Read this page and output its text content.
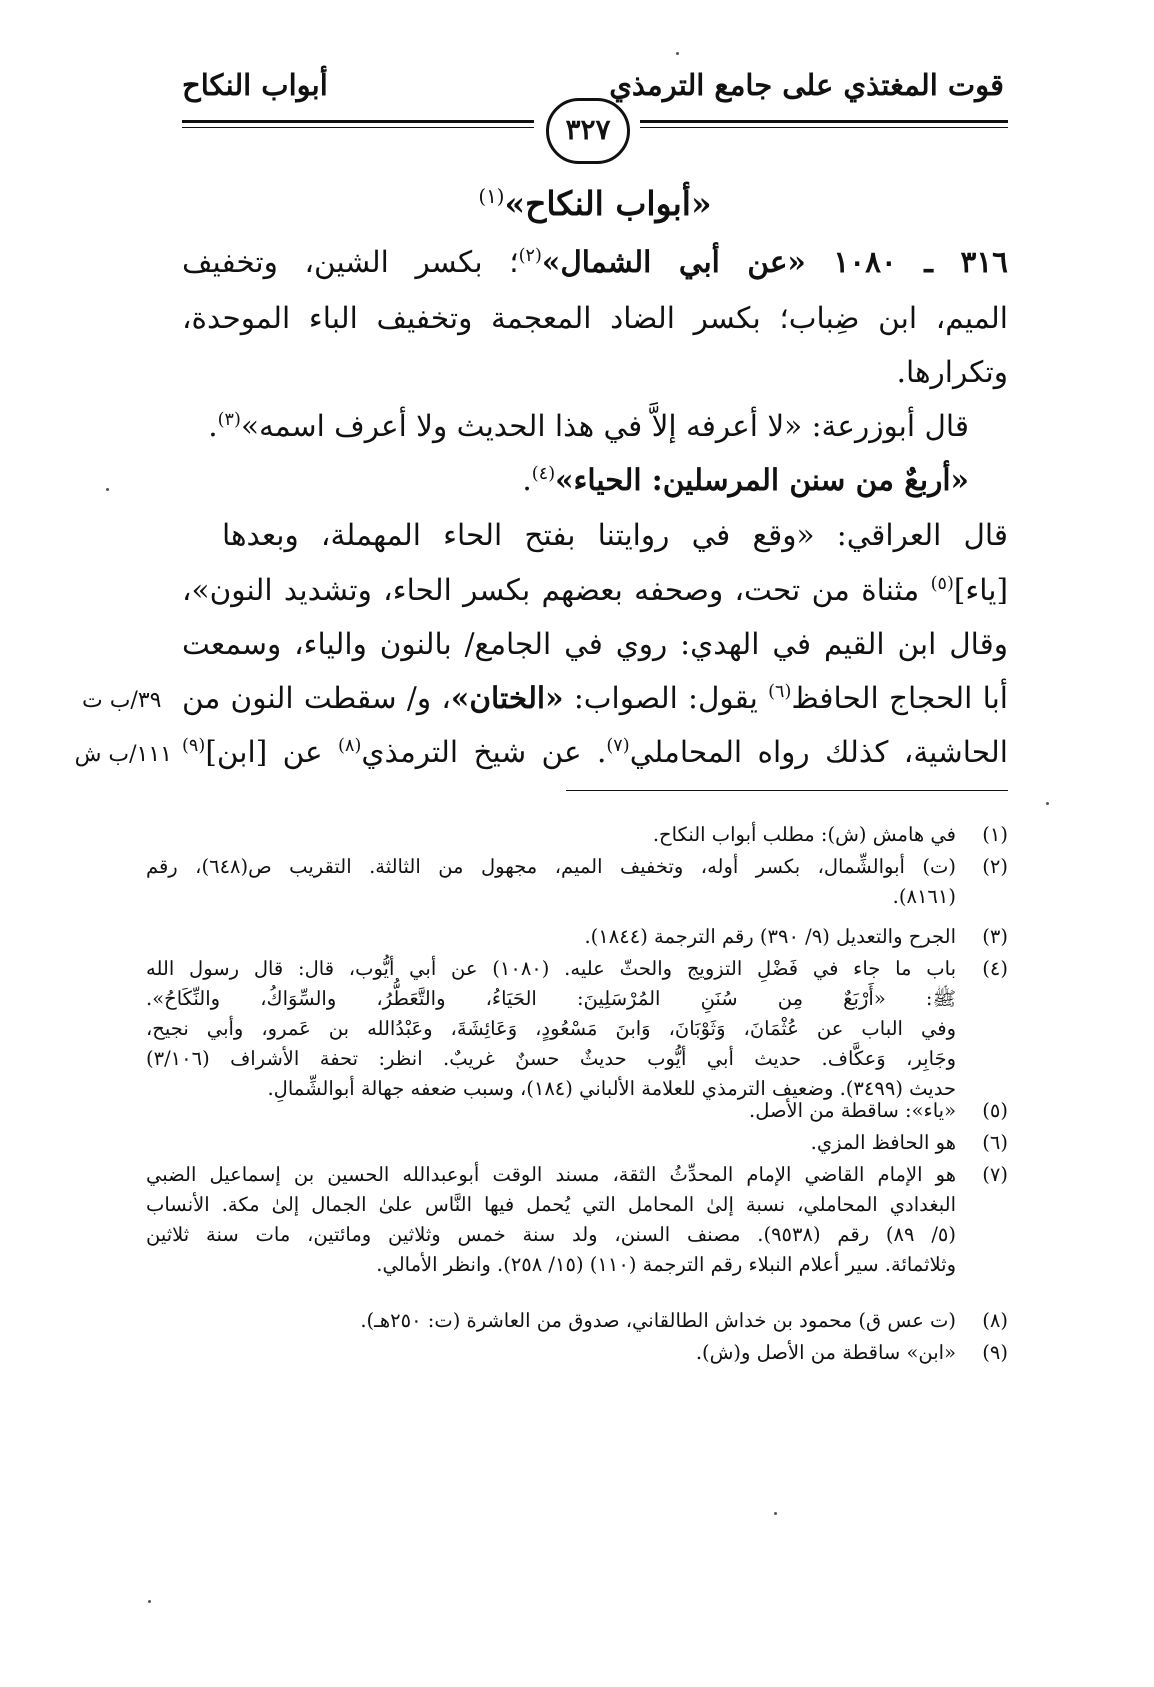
قوت المغتذي على جامع الترمذي
أبواب النكاح
٣٢٧
«أبواب النكاح»$^{(١)}$
٣١٦ ـ ١٠٨٠ «عن أبي الشمال»$^{(٢)}$؛ بكسر الشين، وتخفيف
الميم، ابن ضِباب؛ بكسر الضاد المعجمة وتخفيف الباء الموحدة،
وتكرارها.
قال أبوزرعة: «لا أعرفه إلاَّ في هذا الحديث ولا أعرف اسمه»$^{(٣)}$.
«أربعٌ من سنن المرسلين: الحياء»$^{(٤)}$.
قال العراقي: «وقع في روايتنا بفتح الحاء المهملة، وبعدها
[ياء]$^{(٥)}$ مثناة من تحت، وصحفه بعضهم بكسر الحاء، وتشديد النون»،
وقال ابن القيم في الهدي: روي في الجامع/ بالنون والياء، وسمعت
أبا الحجاج الحافظ$^{(٦)}$ يقول: الصواب: «الختان»، و/ سقطت النون من
الحاشية، كذلك رواه المحاملي$^{(٧)}$. عن شيخ الترمذي$^{(٨)}$ عن [ابن]$^{(٩)}$
٣٩/ب ت
١١١/ب ش
(١)
في هامش (ش): مطلب أبواب النكاح.
(٢)
(ت) أبوالشِّمال، بكسر أوله، وتخفيف الميم، مجهول من الثالثة. التقريب ص(٦٤٨)، رقم
(٨١٦١).
(٣)
الجرح والتعديل (٩/ ٣٩٠) رقم الترجمة (١٨٤٤).
(٤)
باب ما جاء في فَضْلِ التزويج والحثّ عليه. (١٠٨٠) عن أبي أيُّوب، قال: قال رسول الله
ﷺ: «أَرْبَعٌ مِن سُنَنِ المُرْسَلِينَ: الحَيَاءُ، والتَّعَطُّرُ، والسِّوَاكُ، والنِّكَاحُ».
وفي الباب عن عُثْمَانَ، وَثَوْبَانَ، وَابنَ مَسْعُودٍ، وَعَائِشَةَ، وعَبْدُالله بن عَمرو، وأبي نجيح،
وجَابِر، وَعكَّاف. حديث أبي أيُّوب حديثٌ حسنٌ غريبٌ. انظر: تحفة الأشراف (٣/١٠٦)
حديث (٣٤٩٩). وضعيف الترمذي للعلامة الألباني (١٨٤)، وسبب ضعفه جهالة أبوالشِّمالِ.
(٥)
«ياء»: ساقطة من الأصل.
(٦)
هو الحافظ المزي.
(٧)
هو الإمام القاضي الإمام المحدِّثُ الثقة، مسند الوقت أبوعبدالله الحسين بن إسماعيل الضبي
البغدادي المحاملي، نسبة إلىٰ المحامل التي يُحمل فيها النَّاس علىٰ الجمال إلىٰ مكة. الأنساب
(٥/ ٨٩) رقم (٩٥٣٨). مصنف السنن، ولد سنة خمس وثلاثين ومائتين، مات سنة ثلاثين
وثلاثمائة. سير أعلام النبلاء رقم الترجمة (١١٠) (١٥/ ٢٥٨). وانظر الأمالي.
(٨)
(ت عس ق) محمود بن خداش الطالقاني، صدوق من العاشرة (ت: ٢٥٠هـ).
(٩)
«ابن» ساقطة من الأصل و(ش).
